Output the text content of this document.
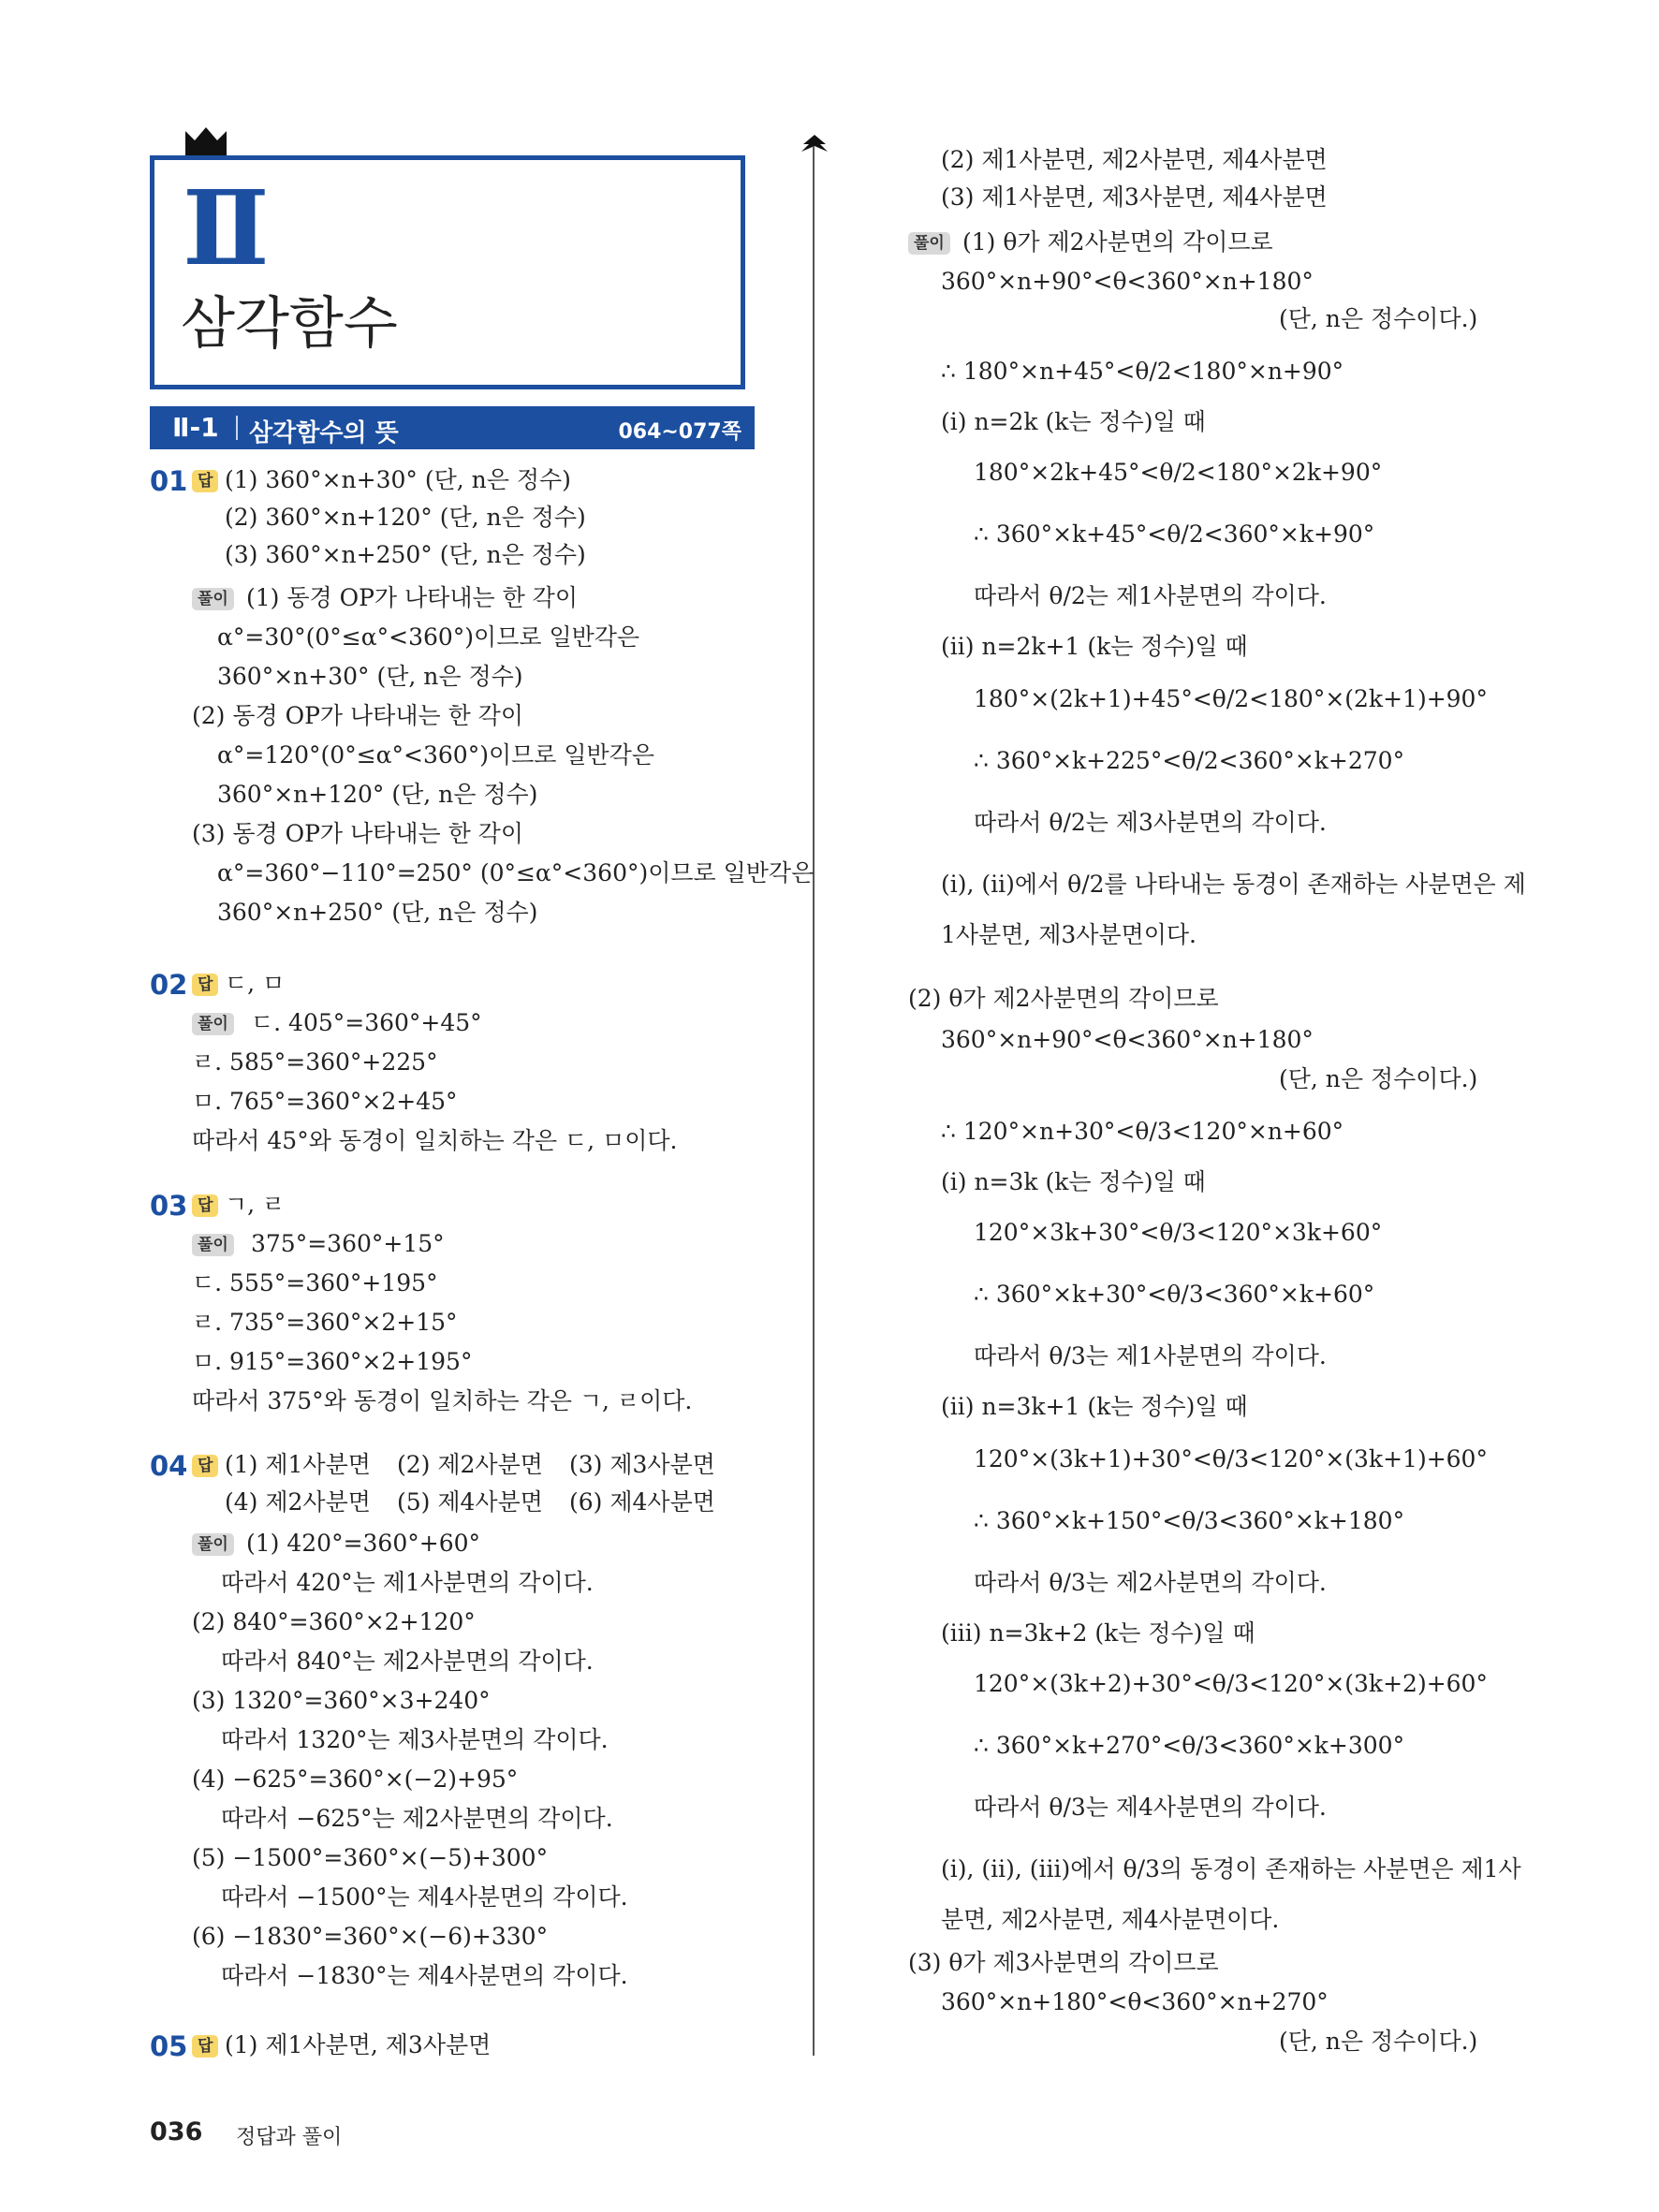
Ⅱ
삼각함수
Ⅱ-1 삼각함수의 뜻	064~077쪽
01 답 (1) 360°×n+30° (단, n은 정수)
(2) 360°×n+120° (단, n은 정수)
(3) 360°×n+250° (단, n은 정수)
풀이 (1) 동경 OP가 나타내는 한 각이
α°=30°(0°≤α°<360°)이므로 일반각은
360°×n+30° (단, n은 정수)
(2) 동경 OP가 나타내는 한 각이
α°=120°(0°≤α°<360°)이므로 일반각은
360°×n+120° (단, n은 정수)
(3) 동경 OP가 나타내는 한 각이
α°=360°−110°=250° (0°≤α°<360°)이므로 일반각은
360°×n+250° (단, n은 정수)
02 답 ㄷ, ㅁ
풀이 ㄷ. 405°=360°+45°
ㄹ. 585°=360°+225°
ㅁ. 765°=360°×2+45°
따라서 45°와 동경이 일치하는 각은 ㄷ, ㅁ이다.
03 답 ㄱ, ㄹ
풀이 375°=360°+15°
ㄷ. 555°=360°+195°
ㄹ. 735°=360°×2+15°
ㅁ. 915°=360°×2+195°
따라서 375°와 동경이 일치하는 각은 ㄱ, ㄹ이다.
04 답 (1) 제1사분면 (2) 제2사분면 (3) 제3사분면
(4) 제2사분면 (5) 제4사분면 (6) 제4사분면
풀이 (1) 420°=360°+60°
따라서 420°는 제1사분면의 각이다.
(2) 840°=360°×2+120°
따라서 840°는 제2사분면의 각이다.
(3) 1320°=360°×3+240°
따라서 1320°는 제3사분면의 각이다.
(4) −625°=360°×(−2)+95°
따라서 −625°는 제2사분면의 각이다.
(5) −1500°=360°×(−5)+300°
따라서 −1500°는 제4사분면의 각이다.
(6) −1830°=360°×(−6)+330°
따라서 −1830°는 제4사분면의 각이다.
05 답 (1) 제1사분면, 제3사분면
(2) 제1사분면, 제2사분면, 제4사분면
(3) 제1사분면, 제3사분면, 제4사분면
풀이 (1) θ가 제2사분면의 각이므로
360°×n+90°<θ<360°×n+180°
(단, n은 정수이다.)
∴ 180°×n+45°<θ/2<180°×n+90°
(ⅰ) n=2k (k는 정수)일 때
180°×2k+45°<θ/2<180°×2k+90°
∴ 360°×k+45°<θ/2<360°×k+90°
따라서 θ/2는 제1사분면의 각이다.
(ⅱ) n=2k+1 (k는 정수)일 때
180°×(2k+1)+45°<θ/2<180°×(2k+1)+90°
∴ 360°×k+225°<θ/2<360°×k+270°
따라서 θ/2는 제3사분면의 각이다.
(ⅰ), (ⅱ)에서 θ/2를 나타내는 동경이 존재하는 사분면은 제
1사분면, 제3사분면이다.
(2) θ가 제2사분면의 각이므로
360°×n+90°<θ<360°×n+180°
(단, n은 정수이다.)
∴ 120°×n+30°<θ/3<120°×n+60°
(ⅰ) n=3k (k는 정수)일 때
120°×3k+30°<θ/3<120°×3k+60°
∴ 360°×k+30°<θ/3<360°×k+60°
따라서 θ/3는 제1사분면의 각이다.
(ⅱ) n=3k+1 (k는 정수)일 때
120°×(3k+1)+30°<θ/3<120°×(3k+1)+60°
∴ 360°×k+150°<θ/3<360°×k+180°
따라서 θ/3는 제2사분면의 각이다.
(ⅲ) n=3k+2 (k는 정수)일 때
120°×(3k+2)+30°<θ/3<120°×(3k+2)+60°
∴ 360°×k+270°<θ/3<360°×k+300°
따라서 θ/3는 제4사분면의 각이다.
(ⅰ), (ⅱ), (ⅲ)에서 θ/3의 동경이 존재하는 사분면은 제1사
분면, 제2사분면, 제4사분면이다.
(3) θ가 제3사분면의 각이므로
360°×n+180°<θ<360°×n+270°
(단, n은 정수이다.)
036 정답과 풀이
